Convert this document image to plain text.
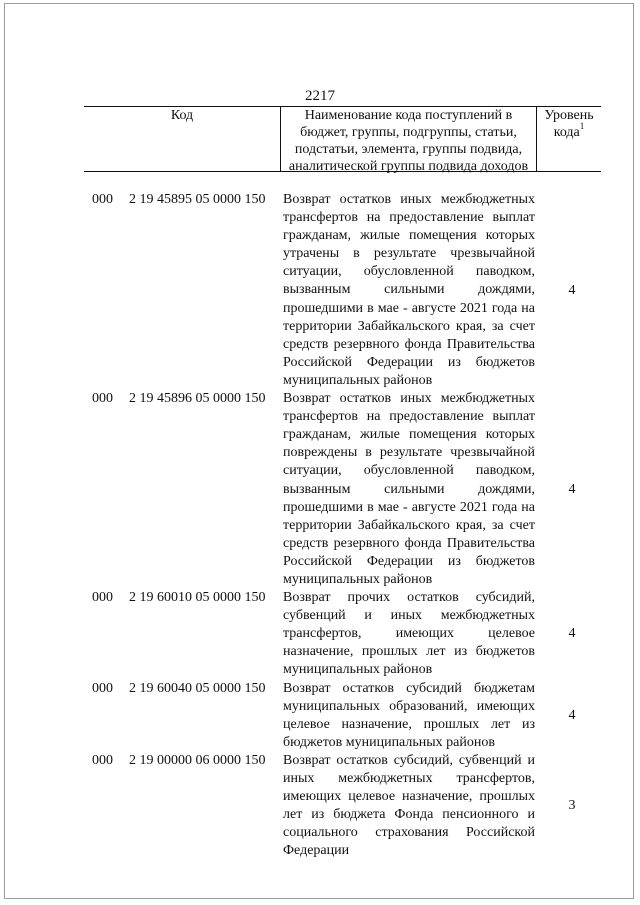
2217
Код	Наименование кода поступлений в бюджет, группы, подгруппы, статьи, подстатьи, элемента, группы подвида, аналитической группы подвида доходов
Уровень кода$^1$
000 2 19 45895 05 0000 150 Возврат остатков иных межбюджетных трансфертов на предоставление выплат гражданам, жилые помещения которых утрачены в результате чрезвычайной ситуации, обусловленной паводком, вызванным сильными дождями, прошедшими в мае - августе 2021 года на территории Забайкальского края, за счет средств резервного фонда Правительства Российской Федерации из бюджетов муниципальных районов
4
000 2 19 45896 05 0000 150 Возврат остатков иных межбюджетных трансфертов на предоставление выплат гражданам, жилые помещения которых повреждены в результате чрезвычайной ситуации, обусловленной паводком, вызванным сильными дождями, прошедшими в мае - августе 2021 года на территории Забайкальского края, за счет средств резервного фонда Правительства Российской Федерации из бюджетов муниципальных районов
4
000 2 19 60010 05 0000 150 Возврат прочих остатков субсидий, субвенций и иных межбюджетных трансфертов, имеющих целевое назначение, прошлых лет из бюджетов муниципальных районов
4
000 2 19 60040 05 0000 150 Возврат остатков субсидий бюджетам муниципальных образований, имеющих целевое назначение, прошлых лет из бюджетов муниципальных районов
4
000 2 19 00000 06 0000 150 Возврат остатков субсидий, субвенций и иных межбюджетных трансфертов, имеющих целевое назначение, прошлых лет из бюджета Фонда пенсионного и социального страхования Российской Федерации
3
